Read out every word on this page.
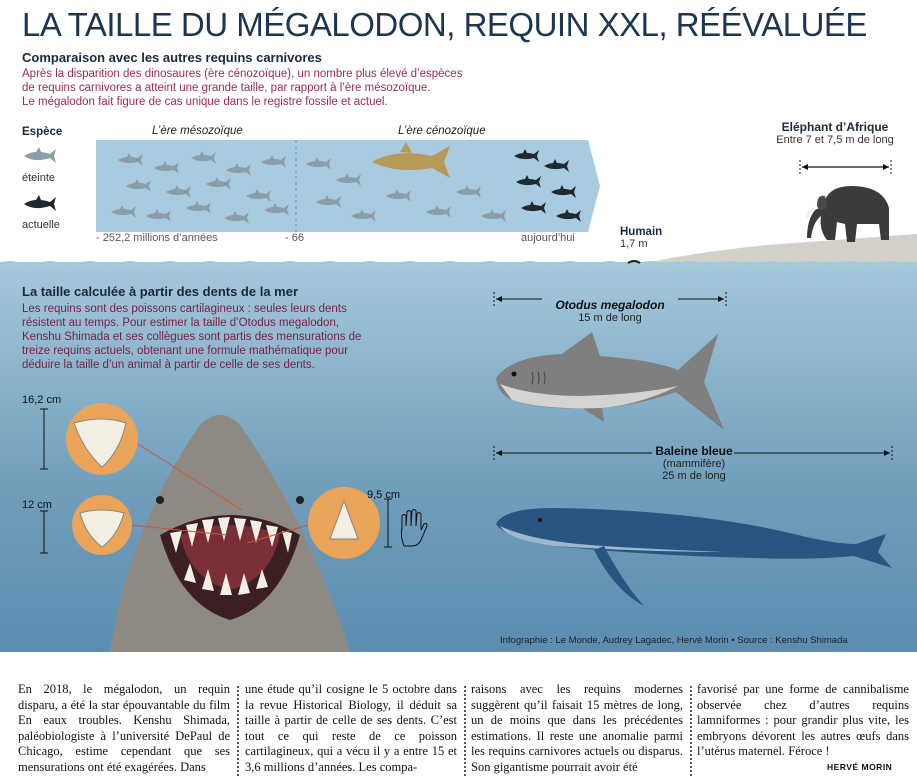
LA TAILLE DU MÉGALODON, REQUIN XXL, RÉÉVALUÉE
Comparaison avec les autres requins carnivores
Après la disparition des dinosaures (ère cénozoïque), un nombre plus élevé d’espèces
de requins carnivores a atteint une grande taille, par rapport à l’ère mésozoïque.
Le mégalodon fait figure de cas unique dans le registre fossile et actuel.
Espèce
éteinte
actuelle
L’ère mésozoïque	L’ère cénozoïque
- 252,2 millions d’années	- 66	aujourd’hui
Eléphant d’Afrique
Entre 7 et 7,5 m de long
Humain
1,7 m
La taille calculée à partir des dents de la mer
Les requins sont des poissons cartilagineux : seules leurs dents
résistent au temps. Pour estimer la taille d’Otodus megalodon,
Kenshu Shimada et ses collègues sont partis des mensurations de
treize requins actuels, obtenant une formule mathématique pour
déduire la taille d’un animal à partir de celle de ses dents.
16,2 cm
12 cm
9,5 cm
Otodus megalodon
15 m de long
Baleine bleue
(mammifère)
25 m de long
Infographie : Le Monde, Audrey Lagadec, Hervé Morin • Source : Kenshu Shimada
En 2018, le mégalodon, un requin disparu, a été la star épouvantable du film En eaux troubles. Kenshu Shimada, paléobiologiste à l’université DePaul de Chicago, estime cependant que ses mensurations ont été exagérées. Dans
une étude qu’il cosigne le 5 octobre dans la revue Historical Biology, il déduit sa taille à partir de celle de ses dents. C’est tout ce qui reste de ce poisson cartilagineux, qui a vécu il y a entre 15 et 3,6 millions d’années. Les compa-
raisons avec les requins modernes suggèrent qu’il faisait 15 mètres de long, un de moins que dans les précédentes estimations. Il reste une anomalie parmi les requins carnivores actuels ou disparus. Son gigantisme pourrait avoir été
favorisé par une forme de cannibalisme observée chez d’autres requins lamniformes : pour grandir plus vite, les embryons dévorent les autres œufs dans l’utérus maternel. Féroce !
HERVÉ MORIN
